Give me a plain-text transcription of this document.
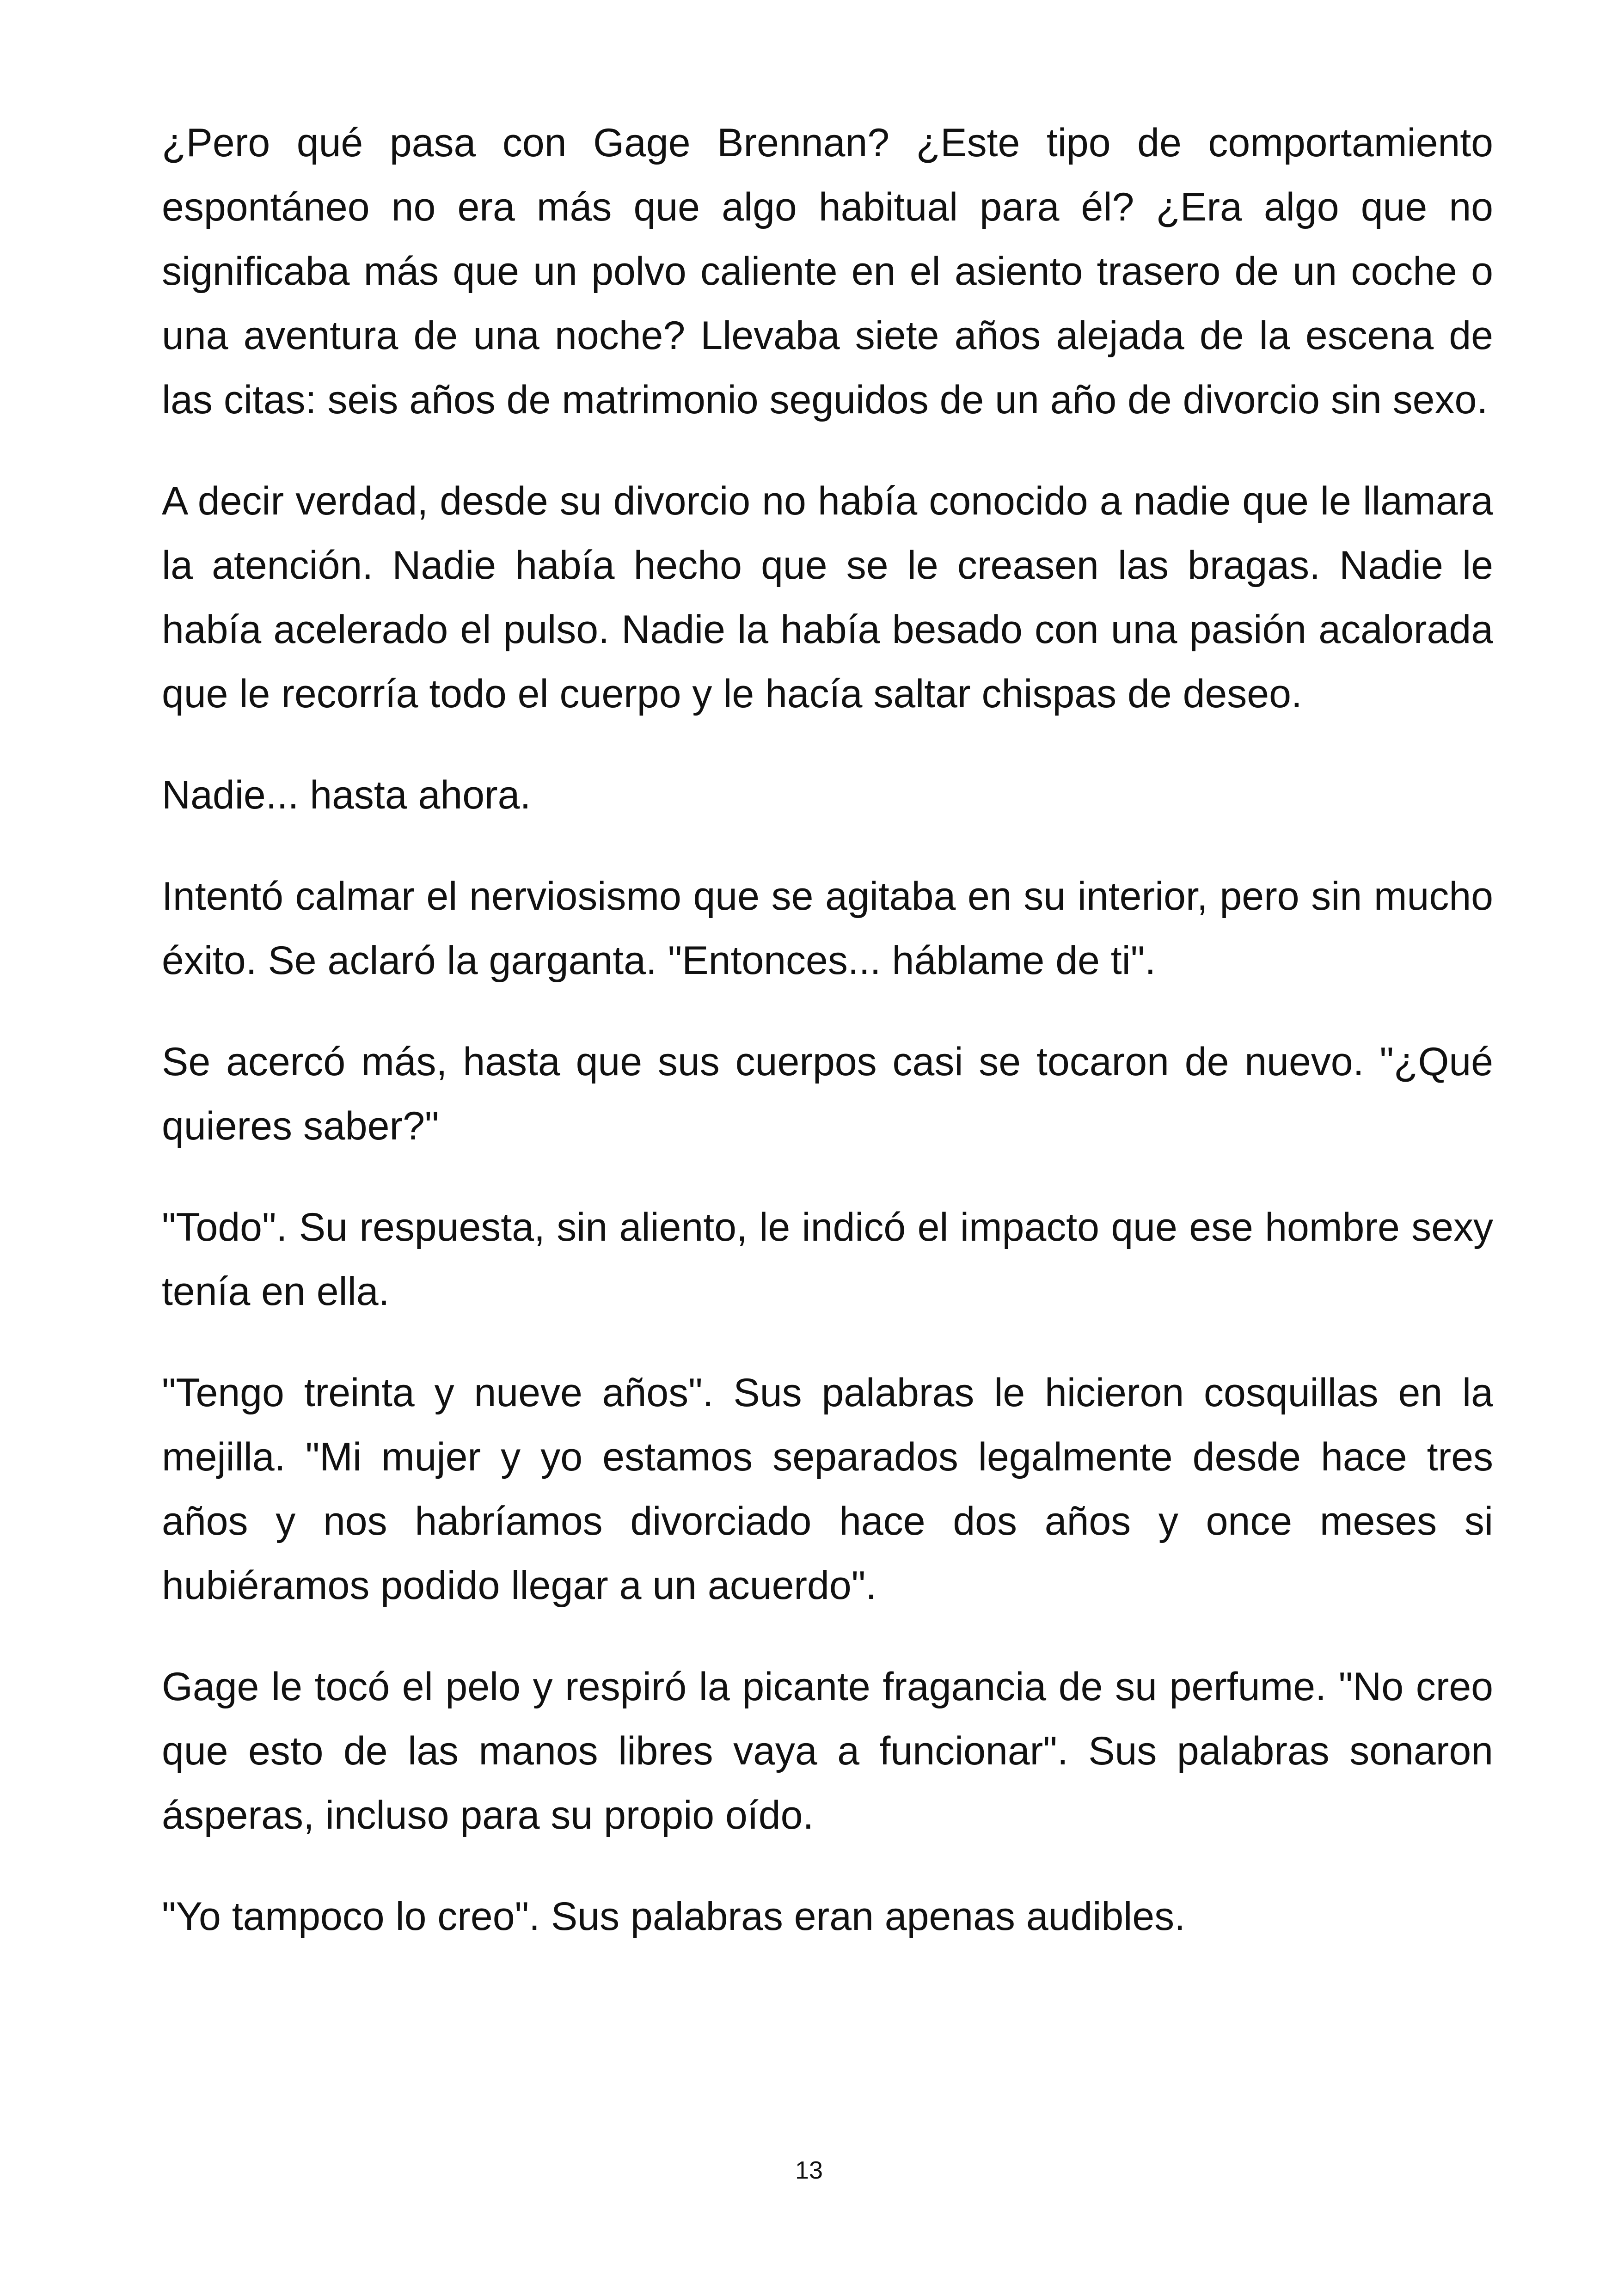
¿Pero qué pasa con Gage Brennan? ¿Este tipo de comportamiento espontáneo no era más que algo habitual para él? ¿Era algo que no significaba más que un polvo caliente en el asiento trasero de un coche o una aventura de una noche? Llevaba siete años alejada de la escena de las citas: seis años de matrimonio seguidos de un año de divorcio sin sexo.

A decir verdad, desde su divorcio no había conocido a nadie que le llamara la atención. Nadie había hecho que se le creasen las bragas. Nadie le había acelerado el pulso. Nadie la había besado con una pasión acalorada que le recorría todo el cuerpo y le hacía saltar chispas de deseo.

Nadie... hasta ahora.

Intentó calmar el nerviosismo que se agitaba en su interior, pero sin mucho éxito. Se aclaró la garganta. "Entonces... háblame de ti".

Se acercó más, hasta que sus cuerpos casi se tocaron de nuevo. "¿Qué quieres saber?"

"Todo". Su respuesta, sin aliento, le indicó el impacto que ese hombre sexy tenía en ella.

"Tengo treinta y nueve años". Sus palabras le hicieron cosquillas en la mejilla. "Mi mujer y yo estamos separados legalmente desde hace tres años y nos habríamos divorciado hace dos años y once meses si hubiéramos podido llegar a un acuerdo".

Gage le tocó el pelo y respiró la picante fragancia de su perfume. "No creo que esto de las manos libres vaya a funcionar". Sus palabras sonaron ásperas, incluso para su propio oído.

"Yo tampoco lo creo". Sus palabras eran apenas audibles.

13
